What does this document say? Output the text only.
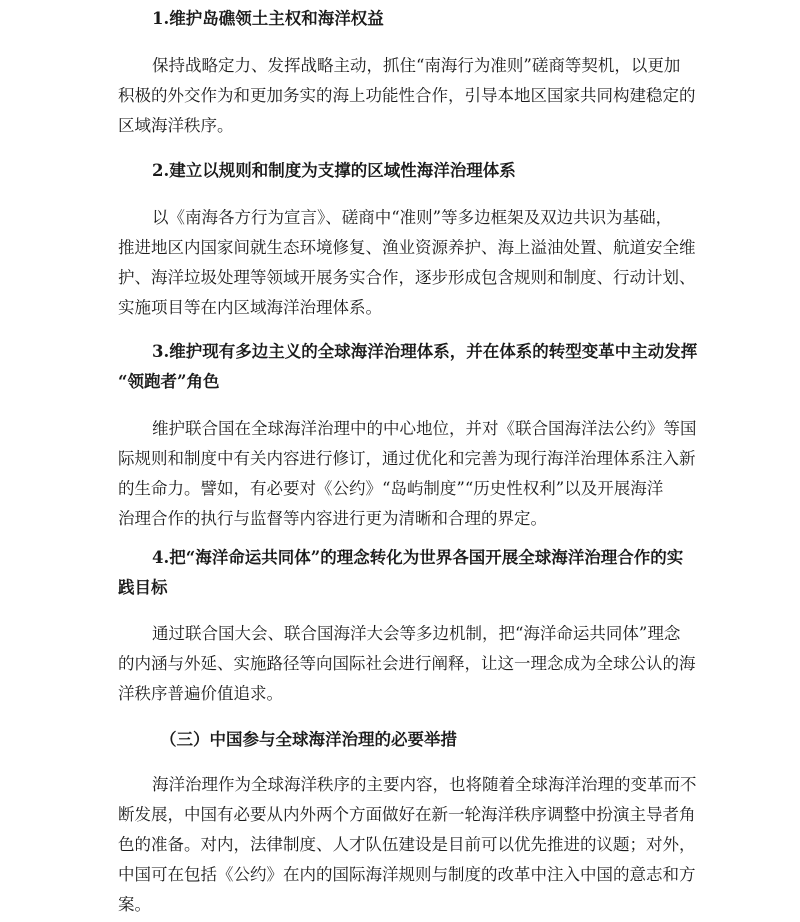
1.维护岛礁领土主权和海洋权益

保持战略定力、发挥战略主动，抓住“南海行为准则”磋商等契机，以更加
积极的外交作为和更加务实的海上功能性合作，引导本地区国家共同构建稳定的
区域海洋秩序。

2.建立以规则和制度为支撑的区域性海洋治理体系

以《南海各方行为宣言》、磋商中“准则”等多边框架及双边共识为基础，
推进地区内国家间就生态环境修复、渔业资源养护、海上溢油处置、航道安全维
护、海洋垃圾处理等领域开展务实合作，逐步形成包含规则和制度、行动计划、
实施项目等在内区域海洋治理体系。

3.维护现有多边主义的全球海洋治理体系，并在体系的转型变革中主动发挥
“领跑者”角色

维护联合国在全球海洋治理中的中心地位，并对《联合国海洋法公约》等国
际规则和制度中有关内容进行修订，通过优化和完善为现行海洋治理体系注入新
的生命力。譬如，有必要对《公约》“岛屿制度”“历史性权利”以及开展海洋
治理合作的执行与监督等内容进行更为清晰和合理的界定。

4.把“海洋命运共同体”的理念转化为世界各国开展全球海洋治理合作的实
践目标

通过联合国大会、联合国海洋大会等多边机制，把“海洋命运共同体”理念
的内涵与外延、实施路径等向国际社会进行阐释，让这一理念成为全球公认的海
洋秩序普遍价值追求。

（三）中国参与全球海洋治理的必要举措

海洋治理作为全球海洋秩序的主要内容，也将随着全球海洋治理的变革而不
断发展，中国有必要从内外两个方面做好在新一轮海洋秩序调整中扮演主导者角
色的准备。对内，法律制度、人才队伍建设是目前可以优先推进的议题；对外，
中国可在包括《公约》在内的国际海洋规则与制度的改革中注入中国的意志和方
案。
